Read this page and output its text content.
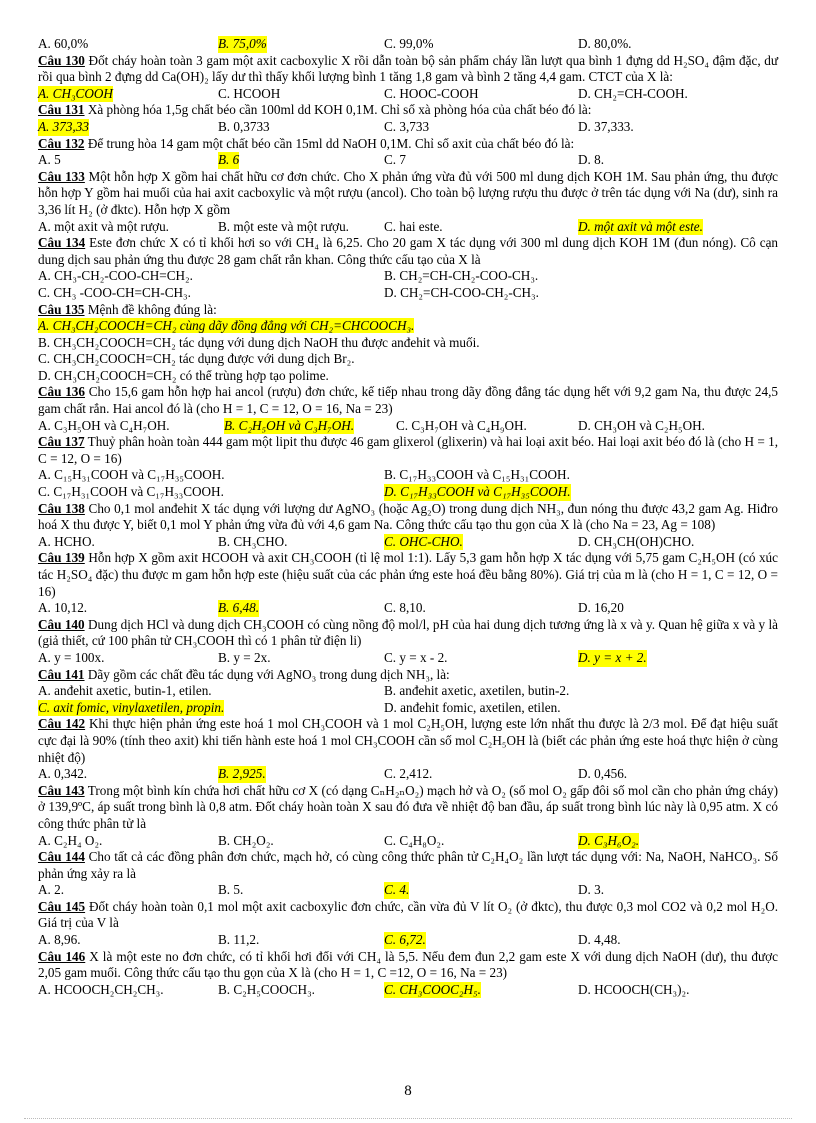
A. 60,0%	B. 75,0%	C. 99,0%	D. 80,0%.
Câu 130 Đốt cháy hoàn toàn 3 gam một axit cacboxylic X rồi dẫn toàn bộ sản phẩm cháy lần lượt qua bình 1 đựng dd H₂SO₄ đậm đặc, dư rồi qua bình 2 đựng dd Ca(OH)₂ lấy dư thì thấy khối lượng bình 1 tăng 1,8 gam và bình 2 tăng 4,4 gam. CTCT của X là:
A. CH₃COOH	C. HCOOH	C. HOOC-COOH	D. CH₂=CH-COOH.
Câu 131 Xà phòng hóa 1,5g chất béo cần 100ml dd KOH 0,1M. Chỉ số xà phòng hóa của chất béo đó là:
A. 373,33	B. 0,3733	C. 3,733	D. 37,333.
Câu 132 Để trung hòa 14 gam một chất béo cần 15ml dd NaOH 0,1M. Chỉ số axit của chất béo đó là:
A. 5	B. 6	C. 7	D. 8.
Câu 133 Một hỗn hợp X gồm hai chất hữu cơ đơn chức. Cho X phản ứng vừa đủ với 500 ml dung dịch KOH 1M. Sau phản ứng, thu được hỗn hợp Y gồm hai muối của hai axit cacboxylic và một rượu (ancol). Cho toàn bộ lượng rượu thu được ở trên tác dụng với Na (dư), sinh ra 3,36 lít H₂ (ở đktc). Hỗn hợp X gồm
A. một axit và một rượu.	B. một este và một rượu.	C. hai este.	D. một axit và một este.
Câu 134 Este đơn chức X có tỉ khối hơi so với CH₄ là 6,25. Cho 20 gam X tác dụng với 300 ml dung dịch KOH 1M (đun nóng). Cô cạn dung dịch sau phản ứng thu được 28 gam chất rắn khan. Công thức cấu tạo của X là
A. CH₃-CH₂-COO-CH=CH₂.	B. CH₂=CH-CH₂-COO-CH₃.
C. CH₃ -COO-CH=CH-CH₃.	D. CH₂=CH-COO-CH₂-CH₃.
Câu 135 Mệnh đề không đúng là:
A. CH₃CH₂COOCH=CH₂ cùng dãy đồng đẳng với CH₂=CHCOOCH₃.
B. CH₃CH₂COOCH=CH₂ tác dụng với dung dịch NaOH thu được anđehit và muối.
C. CH₃CH₂COOCH=CH₂ tác dụng được với dung dịch Br₂.
D. CH₃CH₂COOCH=CH₂ có thể trùng hợp tạo polime.
Câu 136 Cho 15,6 gam hỗn hợp hai ancol (rượu) đơn chức, kế tiếp nhau trong dãy đồng đẳng tác dụng hết với 9,2 gam Na, thu được 24,5 gam chất rắn. Hai ancol đó là (cho H = 1, C = 12, O = 16, Na = 23)
A. C₃H₅OH và C₄H₇OH.	B. C₂H₅OH và C₃H₇OH.	C. C₃H₇OH và C₄H₉OH.	D. CH₃OH và C₂H₅OH.
Câu 137 Thuỷ phân hoàn toàn 444 gam một lipit thu được 46 gam glixerol (glixerin) và hai loại axit béo. Hai loại axit béo đó là (cho H = 1, C = 12, O = 16)
A. C₁₅H₃₁COOH và C₁₇H₃₅COOH.	B. C₁₇H₃₃COOH và C₁₅H₃₁COOH.
C. C₁₇H₃₁COOH và C₁₇H₃₃COOH.	D. C₁₇H₃₃COOH và C₁₇H₃₅COOH.
Câu 138 Cho 0,1 mol anđehit X tác dụng với lượng dư AgNO₃ (hoặc Ag₂O) trong dung dịch NH₃, đun nóng thu được 43,2 gam Ag. Hiđro hoá X thu được Y, biết 0,1 mol Y phản ứng vừa đủ với 4,6 gam Na. Công thức cấu tạo thu gọn của X là (cho Na = 23, Ag = 108)
A. HCHO.	B. CH₃CHO.	C. OHC-CHO.	D. CH₃CH(OH)CHO.
Câu 139 Hỗn hợp X gồm axit HCOOH và axit CH₃COOH (tỉ lệ mol 1:1). Lấy 5,3 gam hỗn hợp X tác dụng với 5,75 gam C₂H₅OH (có xúc tác H₂SO₄ đặc) thu được m gam hỗn hợp este (hiệu suất của các phản ứng este hoá đều bằng 80%). Giá trị của m là (cho H = 1, C = 12, O = 16)
A. 10,12.	B. 6,48.	C. 8,10.	D. 16,20
Câu 140 Dung dịch HCl và dung dịch CH₃COOH có cùng nồng độ mol/l, pH của hai dung dịch tương ứng là x và y. Quan hệ giữa x và y là (giả thiết, cứ 100 phân tử CH₃COOH thì có 1 phân tử điện li)
A. y = 100x.	B. y = 2x.	C. y = x - 2.	D. y = x + 2.
Câu 141 Dãy gồm các chất đều tác dụng với AgNO₃ trong dung dịch NH₃, là:
A. anđehit axetic, butin-1, etilen.	B. anđehit axetic, axetilen, butin-2.
C. axit fomic, vinylaxetilen, propin.	D. anđehit fomic, axetilen, etilen.
Câu 142 Khi thực hiện phản ứng este hoá 1 mol CH₃COOH và 1 mol C₂H₅OH, lượng este lớn nhất thu được là 2/3 mol. Để đạt hiệu suất cực đại là 90% (tính theo axit) khi tiến hành este hoá 1 mol CH₃COOH cần số mol C₂H₅OH là (biết các phản ứng este hoá thực hiện ở cùng nhiệt độ)
A. 0,342.	B. 2,925.	C. 2,412.	D. 0,456.
Câu 143 Trong một bình kín chứa hơi chất hữu cơ X (có dạng CₙH₂ₙO₂) mạch hở và O₂ (số mol O₂ gấp đôi số mol cần cho phản ứng cháy) ở 139,9ºC, áp suất trong bình là 0,8 atm. Đốt cháy hoàn toàn X sau đó đưa về nhiệt độ ban đầu, áp suất trong bình lúc này là 0,95 atm. X có công thức phân tử là
A. C₂H₄ O₂.	B. CH₂O₂.	C. C₄H₈O₂.	D. C₃H₆O₂.
Câu 144 Cho tất cả các đồng phân đơn chức, mạch hở, có cùng công thức phân tử C₂H₄O₂ lần lượt tác dụng với: Na, NaOH, NaHCO₃. Số phản ứng xảy ra là
A. 2.	B. 5.	C. 4.	D. 3.
Câu 145 Đốt cháy hoàn toàn 0,1 mol một axit cacboxylic đơn chức, cần vừa đủ V lít O₂ (ở đktc), thu được 0,3 mol CO2 và 0,2 mol H₂O. Giá trị của V là
A. 8,96.	B. 11,2.	C. 6,72.	D. 4,48.
Câu 146 X là một este no đơn chức, có tỉ khối hơi đối với CH₄ là 5,5. Nếu đem đun 2,2 gam este X với dung dịch NaOH (dư), thu được 2,05 gam muối. Công thức cấu tạo thu gọn của X là (cho H = 1, C =12, O = 16, Na = 23)
A. HCOOCH₂CH₂CH₃.	B. C₂H₅COOCH₃.	C. CH₃COOC₂H₅.	D. HCOOCH(CH₃)₂.
8
